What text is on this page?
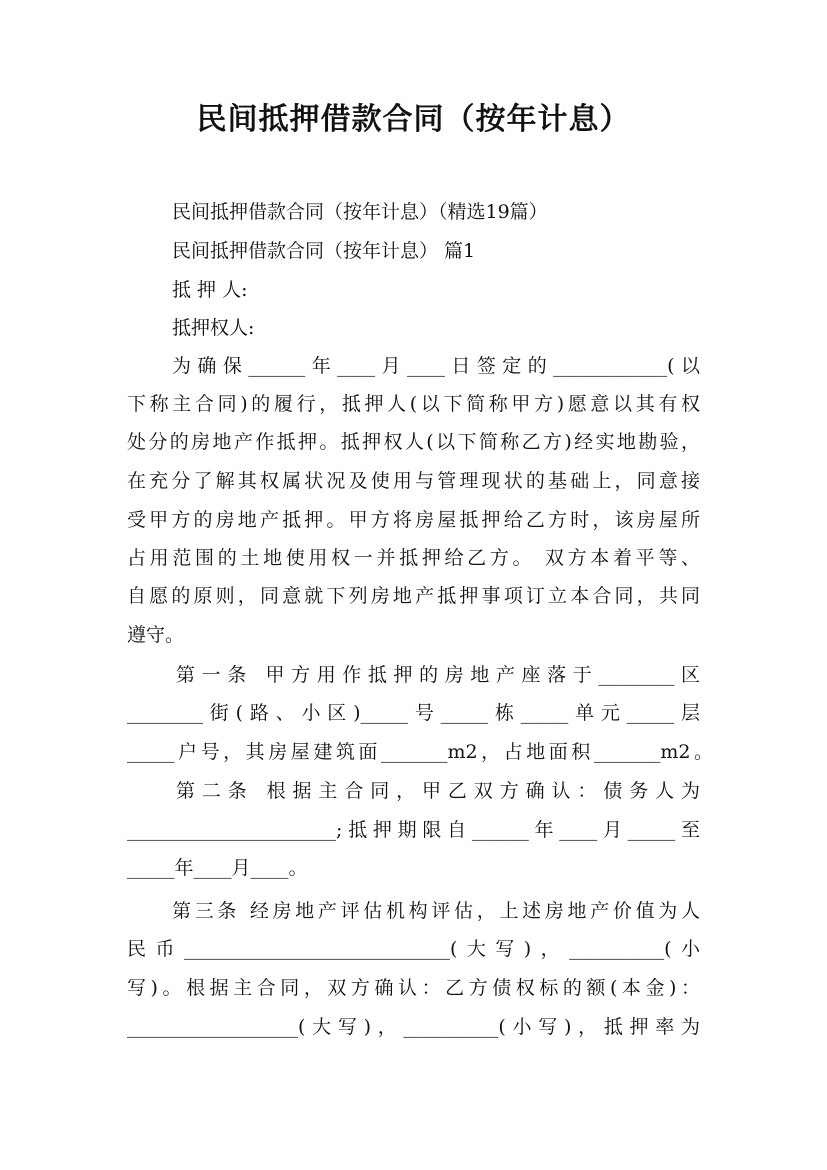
民间抵押借款合同（按年计息）
民间抵押借款合同（按年计息）（精选19篇）
民间抵押借款合同（按年计息） 篇1
抵 押 人:
抵押权人:
为确保______年____月____日签定的____________(以
下称主合同)的履行，抵押人(以下简称甲方)愿意以其有权
处分的房地产作抵押。抵押权人(以下简称乙方)经实地勘验，
在充分了解其权属状况及使用与管理现状的基础上，同意接
受甲方的房地产抵押。甲方将房屋抵押给乙方时，该房屋所
占用范围的土地使用权一并抵押给乙方。 双方本着平等、
自愿的原则，同意就下列房地产抵押事项订立本合同，共同
遵守。
第一条 甲方用作抵押的房地产座落于________区
________街(路、小区)_____号_____栋_____单元_____层
_____户号，其房屋建筑面_______m2，占地面积_______m2。
第二条 根据主合同，甲乙双方确认：债务人为
______________________;抵押期限自______年____月_____至
_____年____月____。
第三条 经房地产评估机构评估，上述房地产价值为人
民币____________________________(大写)，__________(小
写)。根据主合同，双方确认：乙方债权标的额(本金)：
__________________(大写)，__________(小写)，抵押率为
